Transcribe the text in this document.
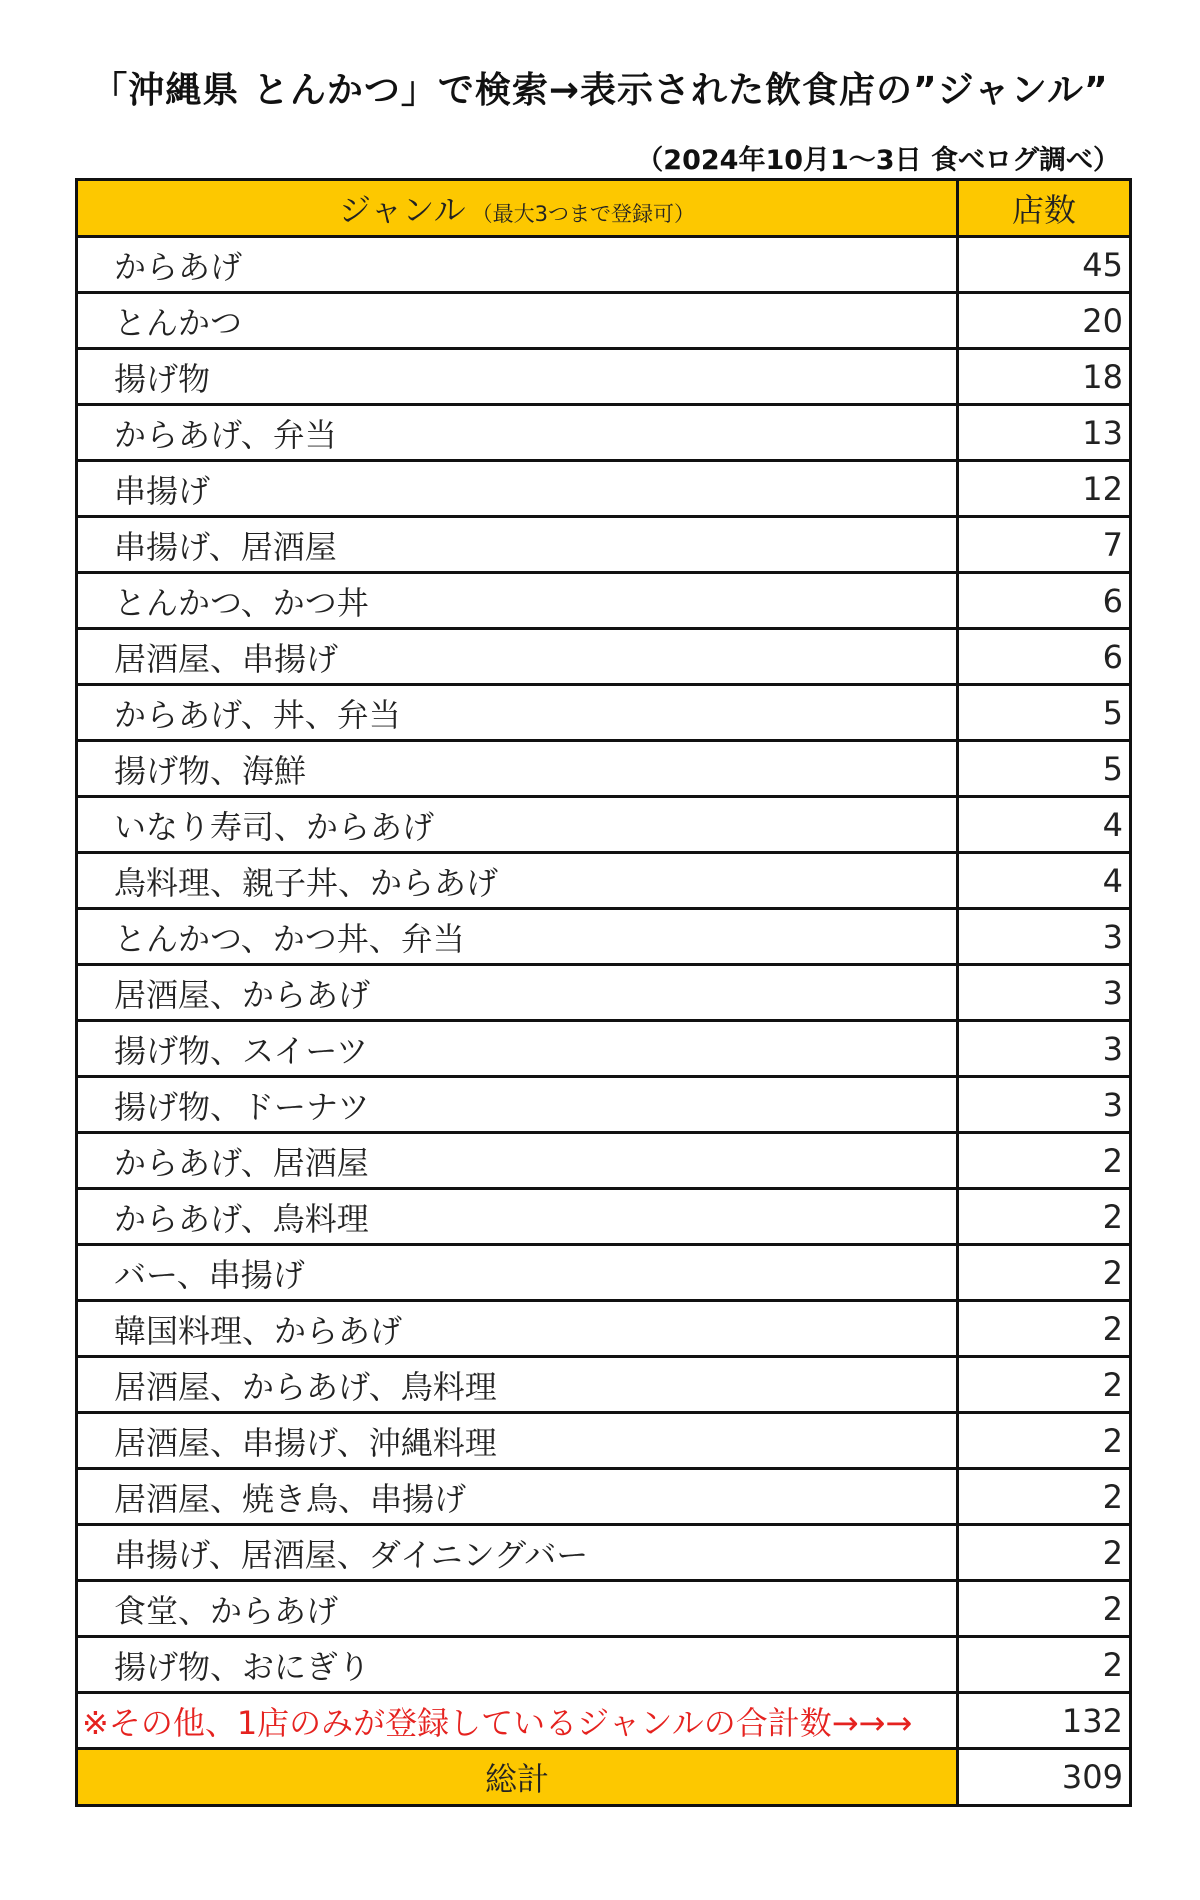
「沖縄県 とんかつ」で検索→表示された飲食店の”ジャンル”
（2024年10月1～3日 食べログ調べ）
ジャンル （最大3つまで登録可）	店数
からあげ	45
とんかつ	20
揚げ物	18
からあげ、弁当	13
串揚げ	12
串揚げ、居酒屋	7
とんかつ、かつ丼	6
居酒屋、串揚げ	6
からあげ、丼、弁当	5
揚げ物、海鮮	5
いなり寿司、からあげ	4
鳥料理、親子丼、からあげ	4
とんかつ、かつ丼、弁当	3
居酒屋、からあげ	3
揚げ物、スイーツ	3
揚げ物、ドーナツ	3
からあげ、居酒屋	2
からあげ、鳥料理	2
バー、串揚げ	2
韓国料理、からあげ	2
居酒屋、からあげ、鳥料理	2
居酒屋、串揚げ、沖縄料理	2
居酒屋、焼き鳥、串揚げ	2
串揚げ、居酒屋、ダイニングバー	2
食堂、からあげ	2
揚げ物、おにぎり	2
※その他、1店のみが登録しているジャンルの合計数→→→	132
総計	309
